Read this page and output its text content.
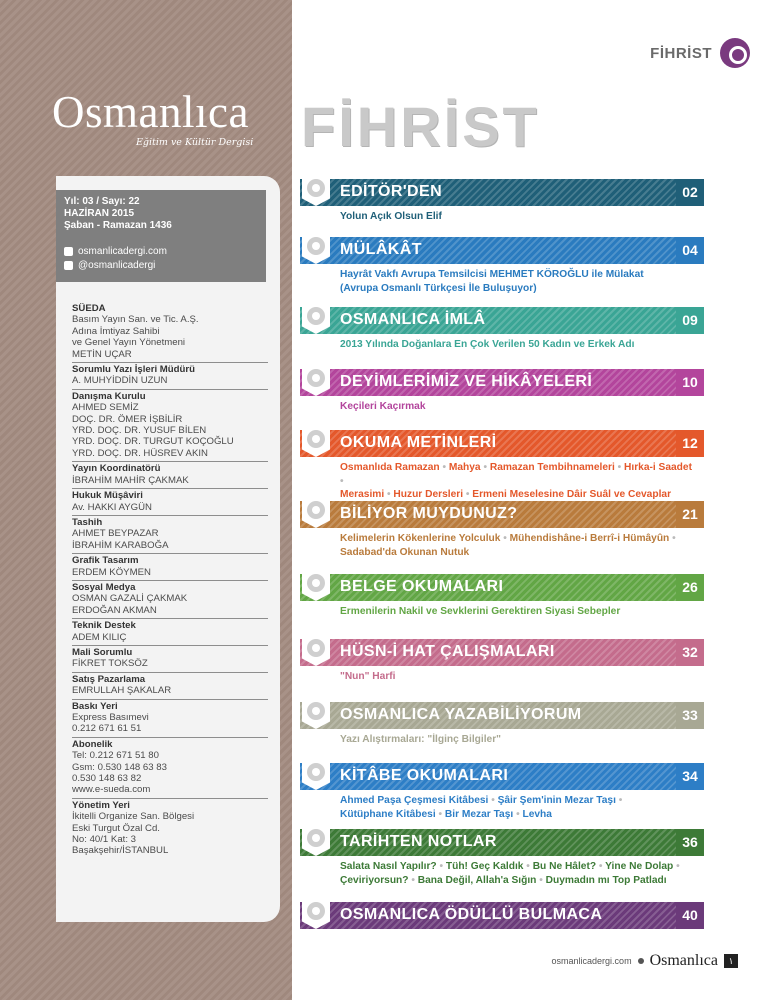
Osmanlıca
Eğitim ve Kültür Dergisi
Yıl: 03 / Sayı: 22
HAZİRAN 2015
Şaban - Ramazan 1436
osmanlicadergi.com
@osmanlicadergi
SÜEDA
Basım Yayın San. ve Tic. A.Ş.
Adına İmtiyaz Sahibi
ve Genel Yayın Yönetmeni
METİN UÇAR
Sorumlu Yazı İşleri Müdürü
A. MUHYİDDİN UZUN
Danışma Kurulu
AHMED SEMİZ
DOÇ. DR. ÖMER İŞBİLİR
YRD. DOÇ. DR. YUSUF BİLEN
YRD. DOÇ. DR. TURGUT KOÇOĞLU
YRD. DOÇ. DR. HÜSREV AKIN
Yayın Koordinatörü
İBRAHİM MAHİR ÇAKMAK
Hukuk Müşâviri
Av. HAKKI AYGÜN
Tashih
AHMET BEYPAZAR
İBRAHİM KARABOĞA
Grafik Tasarım
ERDEM KÖYMEN
Sosyal Medya
OSMAN GAZALİ ÇAKMAK
ERDOĞAN AKMAN
Teknik Destek
ADEM KILIÇ
Mali Sorumlu
FİKRET TOKSÖZ
Satış Pazarlama
EMRULLAH ŞAKALAR
Baskı Yeri
Express Basımevi
0.212 671 61 51
Abonelik
Tel: 0.212 671 51 80
Gsm: 0.530 148 63 83
0.530 148 63 82
www.e-sueda.com
Yönetim Yeri
İkitelli Organize San. Bölgesi
Eski Turgut Özal Cd.
No: 40/1 Kat: 3
Başakşehir/İSTANBUL
FİHRİST
FİHRİST
EDİTÖR'DEN	02
Yolun Açık Olsun Elif
MÜLÂKÂT	04
Hayrât Vakfı Avrupa Temsilcisi MEHMET KÖROĞLU ile Mülakat
(Avrupa Osmanlı Türkçesi İle Buluşuyor)
OSMANLICA İMLÂ	09
2013 Yılında Doğanlara En Çok Verilen 50 Kadın ve Erkek Adı
DEYİMLERİMİZ VE HİKÂYELERİ	10
Keçileri Kaçırmak
OKUMA METİNLERİ	12
Osmanlıda Ramazan • Mahya • Ramazan Tembihnameleri • Hırka-i Saadet •
Merasimi • Huzur Dersleri • Ermeni Meselesine Dâir Suâl ve Cevaplar
BİLİYOR MUYDUNUZ?	21
Kelimelerin Kökenlerine Yolculuk • Mühendishâne-i Berrî-i Hümâyûn •
Sadabad'da Okunan Nutuk
BELGE OKUMALARI	26
Ermenilerin Nakil ve Sevklerini Gerektiren Siyasi Sebepler
HÜSN-İ HAT ÇALIŞMALARI	32
"Nun" Harfi
OSMANLICA YAZABİLİYORUM	33
Yazı Alıştırmaları: "İlginç Bilgiler"
KİTÂBE OKUMALARI	34
Ahmed Paşa Çeşmesi Kitâbesi • Şâir Şem'inin Mezar Taşı •
Kütüphane Kitâbesi • Bir Mezar Taşı • Levha
TARİHTEN NOTLAR	36
Salata Nasıl Yapılır? • Tüh! Geç Kaldık • Bu Ne Hâlet? • Yine Ne Dolap •
Çeviriyorsun? • Bana Değil, Allah'a Sığın • Duymadın mı Top Patladı
OSMANLICA ÖDÜLLÜ BULMACA	40
osmanlicadergi.com Osmanlıca	١
